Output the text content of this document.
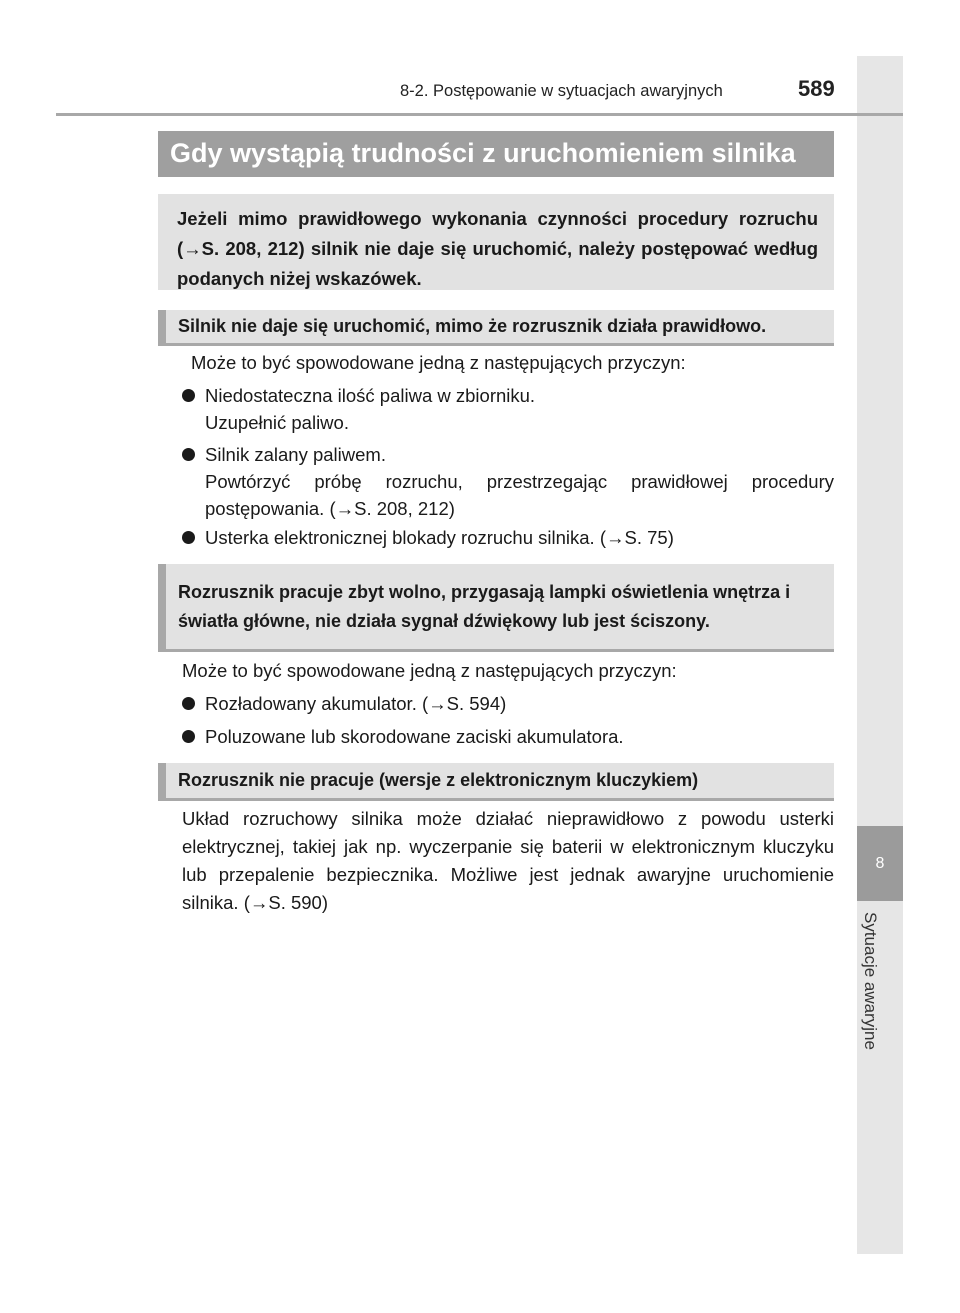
8
Sytuacje awaryjne
8-2. Postępowanie w sytuacjach awaryjnych	589
Gdy wystąpią trudności z uruchomieniem silnika
Jeżeli mimo prawidłowego wykonania czynności procedury rozruchu (→S. 208, 212) silnik nie daje się uruchomić, należy postępować według podanych niżej wskazówek.
Silnik nie daje się uruchomić, mimo że rozrusznik działa prawidłowo.
Może to być spowodowane jedną z następujących przyczyn:
Niedostateczna ilość paliwa w zbiorniku.
Uzupełnić paliwo.
Silnik zalany paliwem.
Powtórzyć próbę rozruchu, przestrzegając prawidłowej procedury
postępowania. (→S. 208, 212)
Usterka elektronicznej blokady rozruchu silnika. (→S. 75)
Rozrusznik pracuje zbyt wolno, przygasają lampki oświetlenia wnętrza i światła główne, nie działa sygnał dźwiękowy lub jest ściszony.
Może to być spowodowane jedną z następujących przyczyn:
Rozładowany akumulator. (→S. 594)
Poluzowane lub skorodowane zaciski akumulatora.
Rozrusznik nie pracuje (wersje z elektronicznym kluczykiem)
Układ rozruchowy silnika może działać nieprawidłowo z powodu usterki elektrycznej, takiej jak np. wyczerpanie się baterii w elektronicznym kluczyku lub przepalenie bezpiecznika. Możliwe jest jednak awaryjne uruchomienie silnika. (→S. 590)
